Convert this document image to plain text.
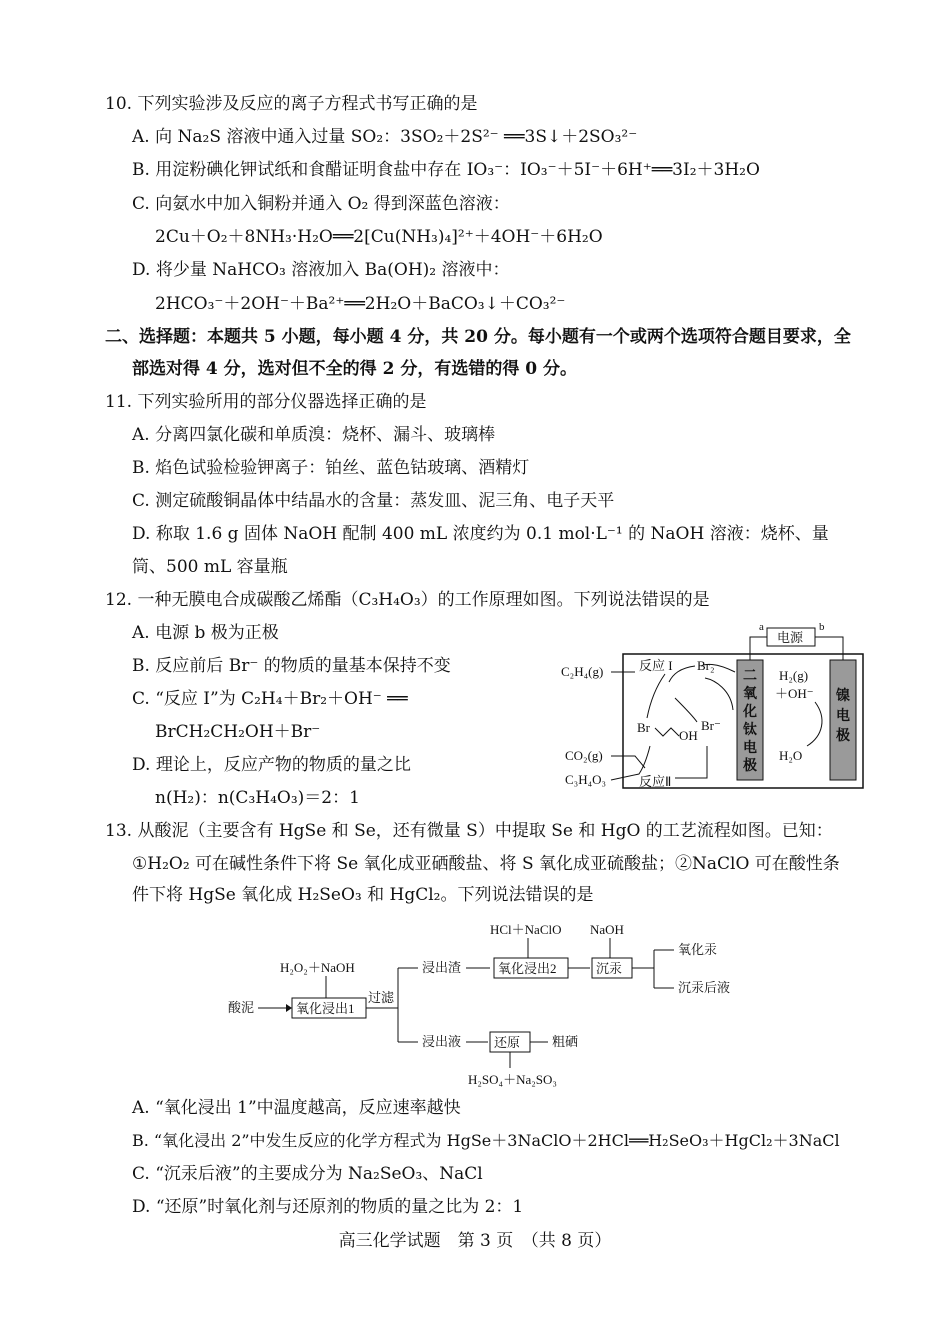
10. 下列实验涉及反应的离子方程式书写正确的是
A. 向 Na₂S 溶液中通入过量 SO₂：3SO₂＋2S²⁻ ══3S↓＋2SO₃²⁻
B. 用淀粉碘化钾试纸和食醋证明食盐中存在 IO₃⁻：IO₃⁻＋5I⁻＋6H⁺══3I₂＋3H₂O
C. 向氨水中加入铜粉并通入 O₂ 得到深蓝色溶液：
2Cu＋O₂＋8NH₃·H₂O══2[Cu(NH₃)₄]²⁺＋4OH⁻＋6H₂O
D. 将少量 NaHCO₃ 溶液加入 Ba(OH)₂ 溶液中：
2HCO₃⁻＋2OH⁻＋Ba²⁺══2H₂O＋BaCO₃↓＋CO₃²⁻
二、选择题：本题共 5 小题，每小题 4 分，共 20 分。每小题有一个或两个选项符合题目要求，全
部选对得 4 分，选对但不全的得 2 分，有选错的得 0 分。
11. 下列实验所用的部分仪器选择正确的是
A. 分离四氯化碳和单质溴：烧杯、漏斗、玻璃棒
B. 焰色试验检验钾离子：铂丝、蓝色钴玻璃、酒精灯
C. 测定硫酸铜晶体中结晶水的含量：蒸发皿、泥三角、电子天平
D. 称取 1.6 g 固体 NaOH 配制 400 mL 浓度约为 0.1 mol·L⁻¹ 的 NaOH 溶液：烧杯、量
筒、500 mL 容量瓶
12. 一种无膜电合成碳酸乙烯酯（C₃H₄O₃）的工作原理如图。下列说法错误的是
A. 电源 b 极为正极
B. 反应前后 Br⁻ 的物质的量基本保持不变
C. “反应 I”为 C₂H₄＋Br₂＋OH⁻ ══
BrCH₂CH₂OH＋Br⁻
D. 理论上，反应产物的物质的量之比
n(H₂)：n(C₃H₄O₃)＝2：1
电源
a	b
二
氧
化
钛
电
极
镍
电
极
C₂H₄(g)	反应 I Br₂
Br⁻
Br
OH
CO₂(g)
C₃H₄O₃	反应Ⅱ
H₂(g)
＋OH⁻
H₂O
13. 从酸泥（主要含有 HgSe 和 Se，还有微量 S）中提取 Se 和 HgO 的工艺流程如图。已知：
①H₂O₂ 可在碱性条件下将 Se 氧化成亚硒酸盐、将 S 氧化成亚硫酸盐；②NaClO 可在酸性条
件下将 HgSe 氧化成 H₂SeO₃ 和 HgCl₂。下列说法错误的是
酸泥
H₂O₂＋NaOH
氧化浸出1
过滤
浸出渣
HCl＋NaClO
氧化浸出2
NaOH
沉汞
氧化汞
沉汞后液
浸出液	还原 粗硒
H₂SO₄＋Na₂SO₃
A. “氧化浸出 1”中温度越高，反应速率越快
B. “氧化浸出 2”中发生反应的化学方程式为 HgSe＋3NaClO＋2HCl══H₂SeO₃＋HgCl₂＋3NaCl
C. “沉汞后液”的主要成分为 Na₂SeO₃、NaCl
D. “还原”时氧化剂与还原剂的物质的量之比为 2：1
高三化学试题　第 3 页　（共 8 页）
